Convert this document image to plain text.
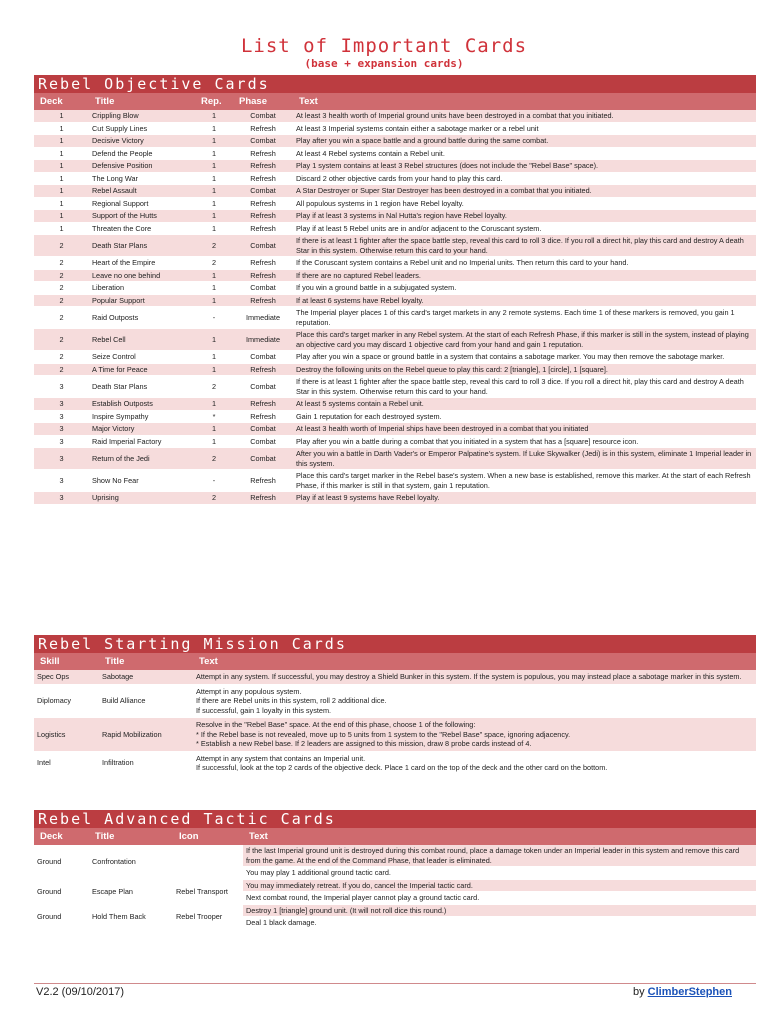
List of Important Cards
(base + expansion cards)
Rebel Objective Cards
Deck	Title	Rep.	Phase	Text
1	Crippling Blow	1	Combat	At least 3 health worth of Imperial ground units have been destroyed in a combat that you initiated.
1	Cut Supply Lines	1	Refresh	At least 3 Imperial systems contain either a sabotage marker or a rebel unit
1	Decisive Victory	1	Combat	Play after you win a space battle and a ground battle during the same combat.
1	Defend the People	1	Refresh	At least 4 Rebel systems contain a Rebel unit.
1	Defensive Position	1	Refresh	Play 1 system contains at least 3 Rebel structures (does not include the "Rebel Base" space).
1	The Long War	1	Refresh	Discard 2 other objective cards from your hand to play this card.
1	Rebel Assault	1	Combat	A Star Destroyer or Super Star Destroyer has been destroyed in a combat that you initiated.
1	Regional Support	1	Refresh	All populous systems in 1 region have Rebel loyalty.
1	Support of the Hutts	1	Refresh	Play if at least 3 systems in Nal Hutta's region have Rebel loyalty.
1	Threaten the Core	1	Refresh	Play if at least 5 Rebel units are in and/or adjacent to the Coruscant system.
2	Death Star Plans	2	Combat	If there is at least 1 fighter after the space battle step, reveal this card to roll 3 dice. If you roll a direct hit, play this card and destroy A death Star in this system. Otherwise return this card to your hand.
2	Heart of the Empire	2	Refresh	If the Coruscant system contains a Rebel unit and no Imperial units. Then return this card to your hand.
2	Leave no one behind	1	Refresh	If there are no captured Rebel leaders.
2	Liberation	1	Combat	If you win a ground battle in a subjugated system.
2	Popular Support	1	Refresh	If at least 6 systems have Rebel loyalty.
2	Raid Outposts	-	Immediate	The Imperial player places 1 of this card's target markets in any 2 remote systems. Each time 1 of these markers is removed, you gain 1 reputation.
2	Rebel Cell	1	Immediate	Place this card's target marker in any Rebel system. At the start of each Refresh Phase, if this marker is still in the system, instead of playing an objective card you may discard 1 objective card from your hand and gain 1 reputation.
2	Seize Control	1	Combat	Play after you win a space or ground battle in a system that contains a sabotage marker. You may then remove the sabotage marker.
2	A Time for Peace	1	Refresh	Destroy the following units on the Rebel queue to play this card: 2 [triangle], 1 [circle], 1 [square].
3	Death Star Plans	2	Combat	If there is at least 1 fighter after the space battle step, reveal this card to roll 3 dice. If you roll a direct hit, play this card and destroy A death Star in this system. Otherwise return this card to your hand.
3	Establish Outposts	1	Refresh	At least 5 systems contain a Rebel unit.
3	Inspire Sympathy	*	Refresh	Gain 1 reputation for each destroyed system.
3	Major Victory	1	Combat	At least 3 health worth of Imperial ships have been destroyed in a combat that you initiated
3	Raid Imperial Factory	1	Combat	Play after you win a battle during a combat that you initiated in a system that has a [square] resource icon.
3	Return of the Jedi	2	Combat	After you win a battle in Darth Vader's or Emperor Palpatine's system. If Luke Skywalker (Jedi) is in this system, eliminate 1 Imperial leader in this system.
3	Show No Fear	-	Refresh	Place this card's target marker in the Rebel base's system. When a new base is established, remove this marker. At the start of each Refresh Phase, if this marker is still in that system, gain 1 reputation.
3	Uprising	2	Refresh	Play if at least 9 systems have Rebel loyalty.
Rebel Starting Mission Cards
Skill	Title	Text
Spec Ops	Sabotage	Attempt in any system. If successful, you may destroy a Shield Bunker in this system. If the system is populous, you may instead place a sabotage marker in this system.
Diplomacy	Build Alliance	Attempt in any populous system.
If there are Rebel units in this system, roll 2 additional dice.
If successful, gain 1 loyalty in this system.
Logistics	Rapid Mobilization	Resolve in the "Rebel Base" space. At the end of this phase, choose 1 of the following:
* If the Rebel base is not revealed, move up to 5 units from 1 system to the "Rebel Base" space, ignoring adjacency.
* Establish a new Rebel base. If 2 leaders are assigned to this mission, draw 8 probe cards instead of 4.
Intel	Infiltration	Attempt in any system that contains an Imperial unit.
If successful, look at the top 2 cards of the objective deck. Place 1 card on the top of the deck and the other card on the bottom.
Rebel Advanced Tactic Cards
Deck	Title	Icon	Text
Ground	Confrontation		If the last Imperial ground unit is destroyed during this combat round, place a damage token under an Imperial leader in this system and remove this card from the game. At the end of the Command Phase, that leader is eliminated.
			You may play 1 additional ground tactic card.
Ground	Escape Plan	Rebel Transport	You may immediately retreat. If you do, cancel the Imperial tactic card.
			Next combat round, the Imperial player cannot play a ground tactic card.
Ground	Hold Them Back	Rebel Trooper	Destroy 1 [triangle] ground unit. (It will not roll dice this round.)
			Deal 1 black damage.
V2.2 (09/10/2017)	by ClimberStephen
